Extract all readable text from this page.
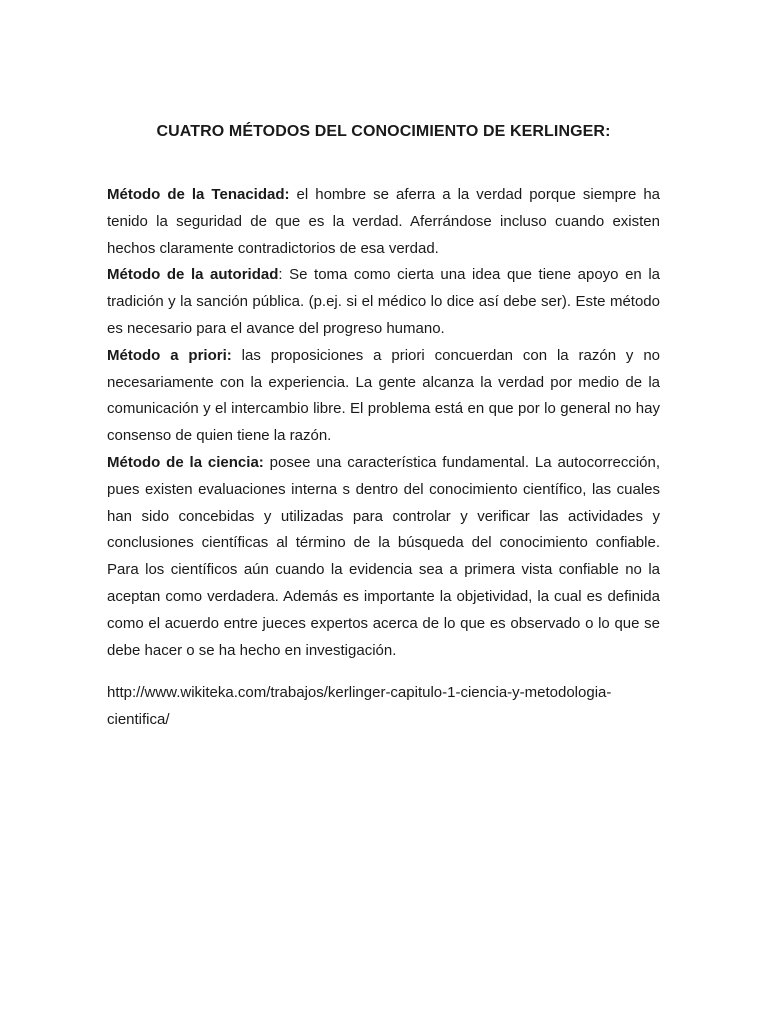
CUATRO MÉTODOS DEL CONOCIMIENTO DE KERLINGER:

Método de la Tenacidad: el hombre se aferra a la verdad porque siempre ha tenido la seguridad de que es la verdad. Aferrándose incluso cuando existen hechos claramente contradictorios de esa verdad.

Método de la autoridad: Se toma como cierta una idea que tiene apoyo en la tradición y la sanción pública. (p.ej. si el médico lo dice así debe ser). Este método es necesario para el avance del progreso humano.

Método a priori: las proposiciones a priori concuerdan con la razón y no necesariamente con la experiencia. La gente alcanza la verdad por medio de la comunicación y el intercambio libre. El problema está en que por lo general no hay consenso de quien tiene la razón.

Método de la ciencia: posee una característica fundamental. La autocorrección, pues existen evaluaciones interna s dentro del conocimiento científico, las cuales han sido concebidas y utilizadas para controlar y verificar las actividades y conclusiones científicas al término de la búsqueda del conocimiento confiable. Para los científicos aún cuando la evidencia sea a primera vista confiable no la aceptan como verdadera. Además es importante la objetividad, la cual es definida como el acuerdo entre jueces expertos acerca de lo que es observado o lo que se debe hacer o se ha hecho en investigación.

http://www.wikiteka.com/trabajos/kerlinger-capitulo-1-ciencia-y-metodologia-cientifica/
